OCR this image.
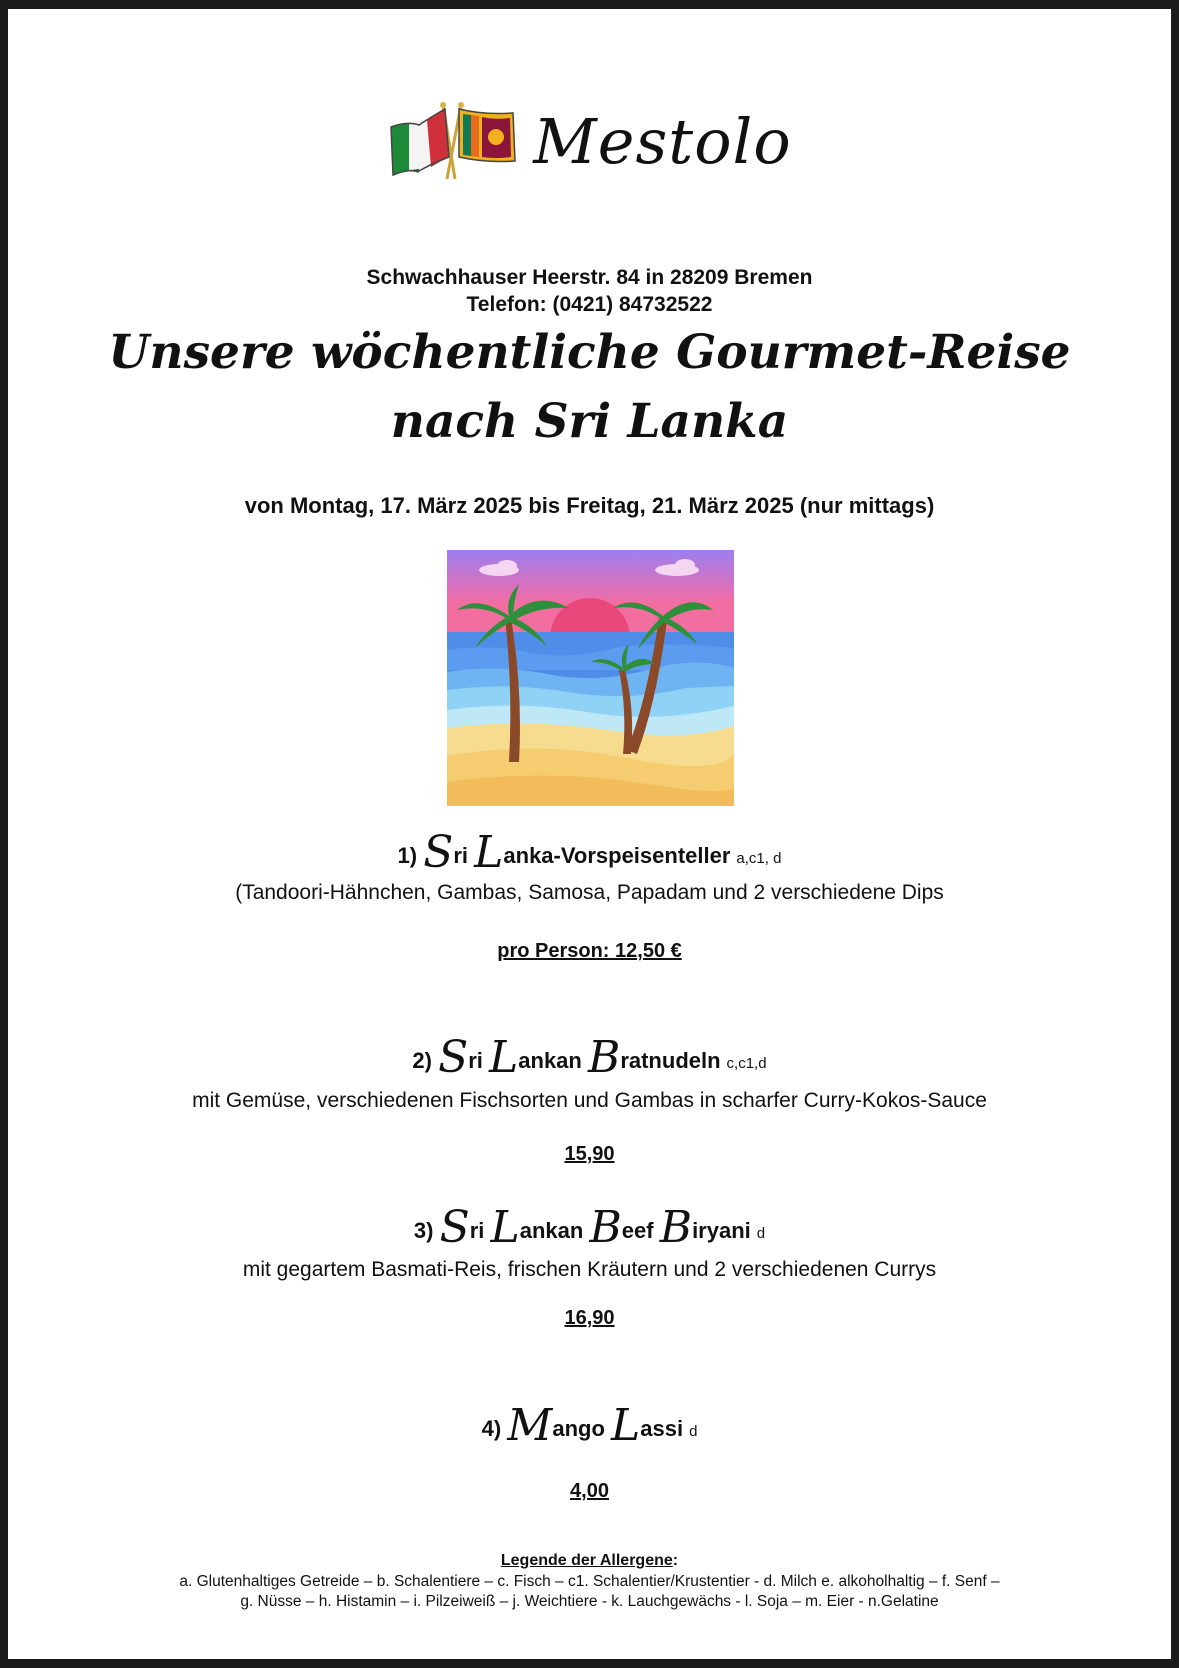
Mestolo
Schwachhauser Heerstr. 84 in 28209 Bremen
Telefon: (0421) 84732522
Unsere wöchentliche Gourmet-Reise
nach Sri Lanka
von Montag, 17. März 2025 bis Freitag, 21. März 2025 (nur mittags)
1) Sri Lanka-Vorspeisenteller a,c1, d
(Tandoori-Hähnchen, Gambas, Samosa, Papadam und 2 verschiedene Dips
pro Person: 12,50 €
2) Sri Lankan Bratnudeln c,c1,d
mit Gemüse, verschiedenen Fischsorten und Gambas in scharfer Curry-Kokos-Sauce
15,90
3) Sri Lankan Beef Biryani d
mit gegartem Basmati-Reis, frischen Kräutern und 2 verschiedenen Currys
16,90
4) Mango Lassi d
4,00
Legende der Allergene:
a. Glutenhaltiges Getreide – b. Schalentiere – c. Fisch – c1. Schalentier/Krustentier - d. Milch e. alkoholhaltig – f. Senf –
g. Nüsse – h. Histamin – i. Pilzeiweiß – j. Weichtiere - k. Lauchgewächs - l. Soja – m. Eier - n.Gelatine
